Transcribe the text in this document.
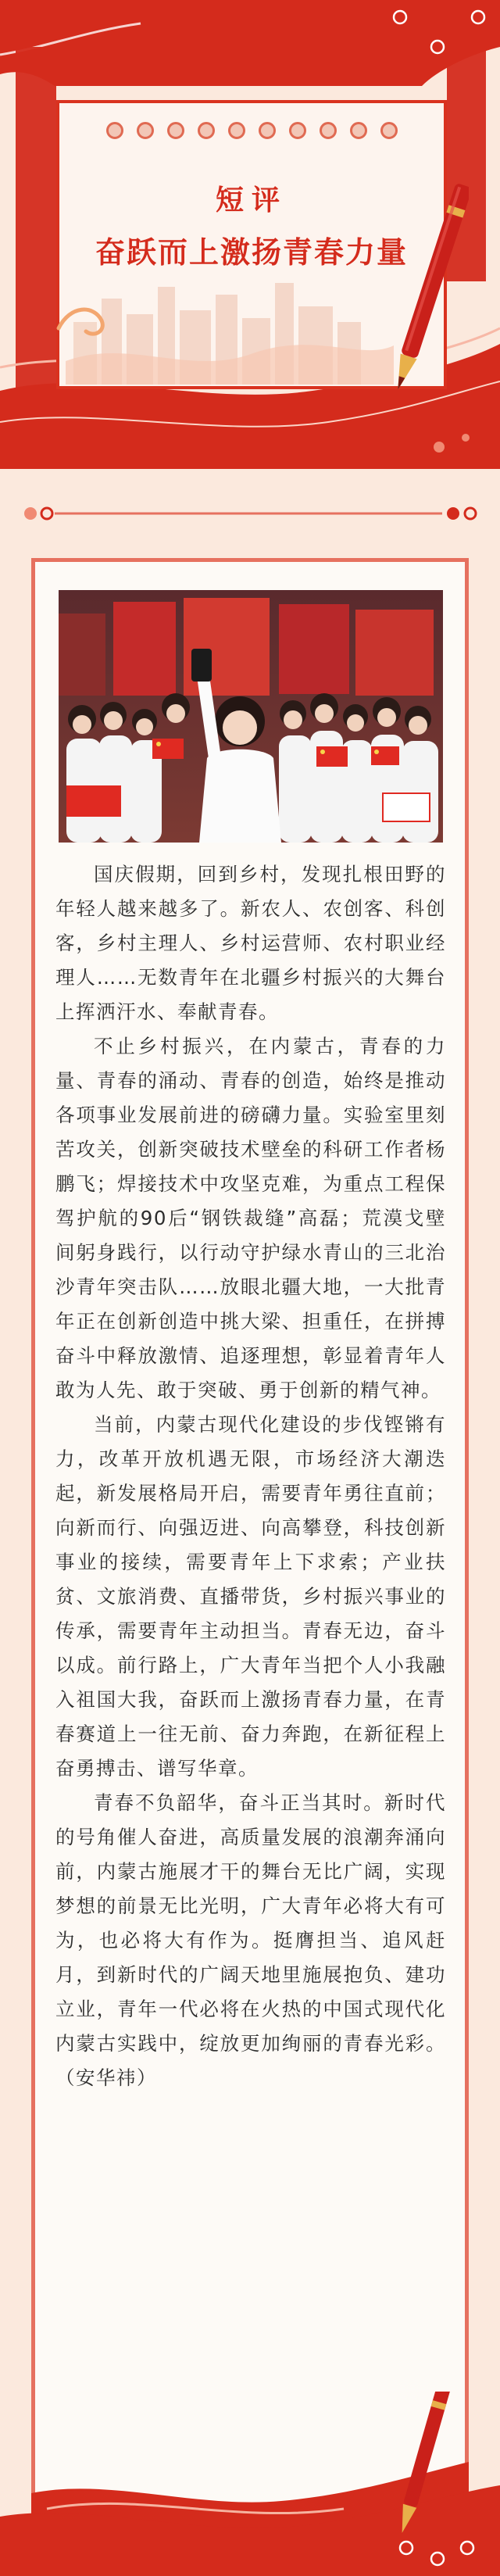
短评
奋跃而上激扬青春力量

国庆假期，回到乡村，发现扎根田野的年轻人越来越多了。新农人、农创客、科创客，乡村主理人、乡村运营师、农村职业经理人……无数青年在北疆乡村振兴的大舞台上挥洒汗水、奉献青春。

不止乡村振兴，在内蒙古，青春的力量、青春的涌动、青春的创造，始终是推动各项事业发展前进的磅礴力量。实验室里刻苦攻关，创新突破技术壁垒的科研工作者杨鹏飞；焊接技术中攻坚克难，为重点工程保驾护航的90后“钢铁裁缝”高磊；荒漠戈壁间躬身践行，以行动守护绿水青山的三北治沙青年突击队……放眼北疆大地，一大批青年正在创新创造中挑大梁、担重任，在拼搏奋斗中释放激情、追逐理想，彰显着青年人敢为人先、敢于突破、勇于创新的精气神。

当前，内蒙古现代化建设的步伐铿锵有力，改革开放机遇无限，市场经济大潮迭起，新发展格局开启，需要青年勇往直前；向新而行、向强迈进、向高攀登，科技创新事业的接续，需要青年上下求索；产业扶贫、文旅消费、直播带货，乡村振兴事业的传承，需要青年主动担当。青春无边，奋斗以成。前行路上，广大青年当把个人小我融入祖国大我，奋跃而上激扬青春力量，在青春赛道上一往无前、奋力奔跑，在新征程上奋勇搏击、谱写华章。

青春不负韶华，奋斗正当其时。新时代的号角催人奋进，高质量发展的浪潮奔涌向前，内蒙古施展才干的舞台无比广阔，实现梦想的前景无比光明，广大青年必将大有可为，也必将大有作为。挺膺担当、追风赶月，到新时代的广阔天地里施展抱负、建功立业，青年一代必将在火热的中国式现代化内蒙古实践中，绽放更加绚丽的青春光彩。（安华祎）
